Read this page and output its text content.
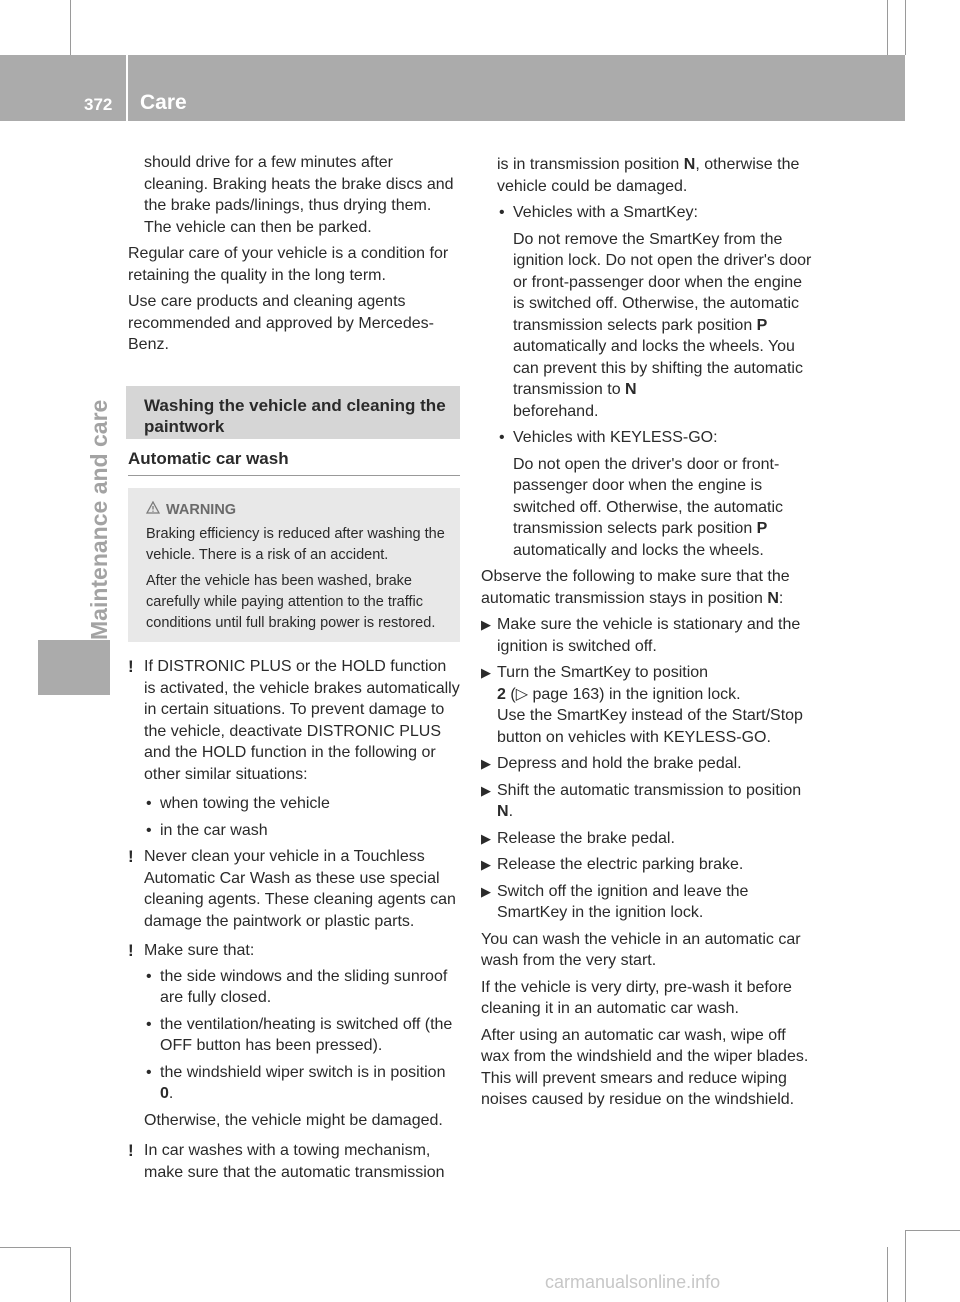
372 Care
Maintenance and care

should drive for a few minutes after cleaning. Braking heats the brake discs and the brake pads/linings, thus drying them. The vehicle can then be parked.

Regular care of your vehicle is a condition for retaining the quality in the long term.

Use care products and cleaning agents recommended and approved by Mercedes-Benz.

Washing the vehicle and cleaning the paintwork
Automatic car wash
WARNING

Braking efficiency is reduced after washing the vehicle. There is a risk of an accident.

After the vehicle has been washed, brake carefully while paying attention to the traffic conditions until full braking power is restored.

! If DISTRONIC PLUS or the HOLD function is activated, the vehicle brakes automatically in certain situations. To prevent damage to the vehicle, deactivate DISTRONIC PLUS and the HOLD function in the following or other similar situations:
• when towing the vehicle
• in the car wash
! Never clean your vehicle in a Touchless Automatic Car Wash as these use special cleaning agents. These cleaning agents can damage the paintwork or plastic parts.
! Make sure that:
• the side windows and the sliding sunroof are fully closed.
• the ventilation/heating is switched off (the OFF button has been pressed).
• the windshield wiper switch is in position 0.

Otherwise, the vehicle might be damaged.

! In car washes with a towing mechanism, make sure that the automatic transmission

is in transmission position N, otherwise the vehicle could be damaged.

• Vehicles with a SmartKey:

Do not remove the SmartKey from the ignition lock. Do not open the driver's door or front-passenger door when the engine is switched off. Otherwise, the automatic transmission selects park position P automatically and locks the wheels. You can prevent this by shifting the automatic transmission to N
beforehand.

• Vehicles with KEYLESS-GO:

Do not open the driver's door or front-passenger door when the engine is switched off. Otherwise, the automatic transmission selects park position P
automatically and locks the wheels.

Observe the following to make sure that the automatic transmission stays in position N:

▶ Make sure the vehicle is stationary and the ignition is switched off.
▶ Turn the SmartKey to position
2 (▷ page 163) in the ignition lock.
Use the SmartKey instead of the Start/Stop button on vehicles with KEYLESS-GO.
▶ Depress and hold the brake pedal.
▶ Shift the automatic transmission to position N.
▶ Release the brake pedal.
▶ Release the electric parking brake.
▶ Switch off the ignition and leave the SmartKey in the ignition lock.

You can wash the vehicle in an automatic car wash from the very start.

If the vehicle is very dirty, pre-wash it before cleaning it in an automatic car wash.

After using an automatic car wash, wipe off wax from the windshield and the wiper blades. This will prevent smears and reduce wiping noises caused by residue on the windshield.

carmanualsonline.info
